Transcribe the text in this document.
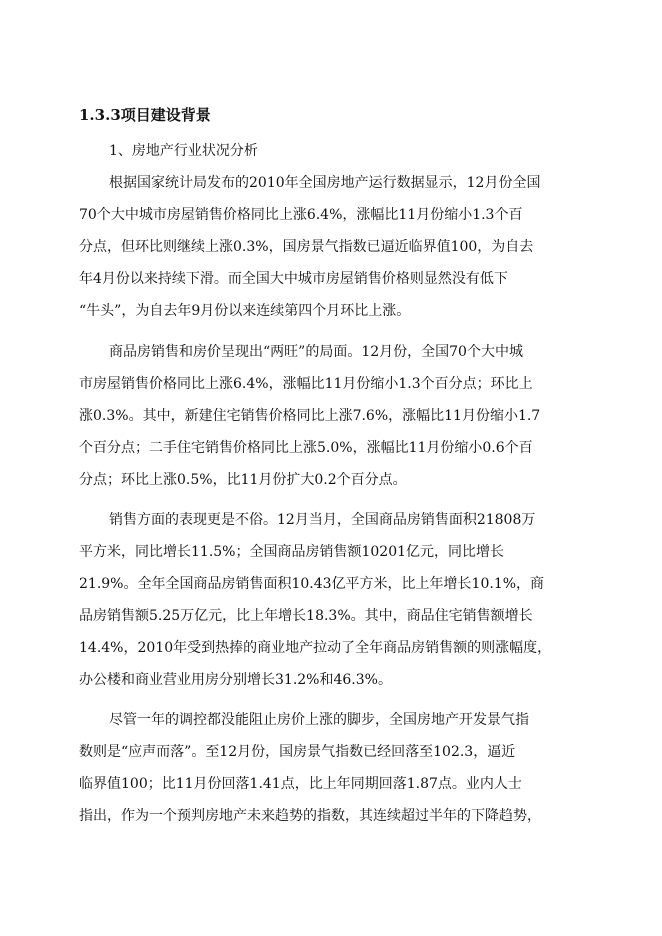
1.3.3项目建设背景
1、房地产行业状况分析
根据国家统计局发布的2010年全国房地产运行数据显示，12月份全国
70个大中城市房屋销售价格同比上涨6.4%，涨幅比11月份缩小1.3个百
分点，但环比则继续上涨0.3%，国房景气指数已逼近临界值100，为自去
年4月份以来持续下滑。而全国大中城市房屋销售价格则显然没有低下
“牛头”，为自去年9月份以来连续第四个月环比上涨。
商品房销售和房价呈现出“两旺”的局面。12月份，全国70个大中城
市房屋销售价格同比上涨6.4%，涨幅比11月份缩小1.3个百分点；环比上
涨0.3%。其中，新建住宅销售价格同比上涨7.6%，涨幅比11月份缩小1.7
个百分点；二手住宅销售价格同比上涨5.0%，涨幅比11月份缩小0.6个百
分点；环比上涨0.5%，比11月份扩大0.2个百分点。
销售方面的表现更是不俗。12月当月，全国商品房销售面积21808万
平方米，同比增长11.5%；全国商品房销售额10201亿元，同比增长
21.9%。全年全国商品房销售面积10.43亿平方米，比上年增长10.1%，商
品房销售额5.25万亿元，比上年增长18.3%。其中，商品住宅销售额增长
14.4%，2010年受到热捧的商业地产拉动了全年商品房销售额的则涨幅度，
办公楼和商业营业用房分别增长31.2%和46.3%。
尽管一年的调控都没能阻止房价上涨的脚步，全国房地产开发景气指
数则是“应声而落”。至12月份，国房景气指数已经回落至102.3，逼近
临界值100；比11月份回落1.41点，比上年同期回落1.87点。业内人士
指出，作为一个预判房地产未来趋势的指数，其连续超过半年的下降趋势，
